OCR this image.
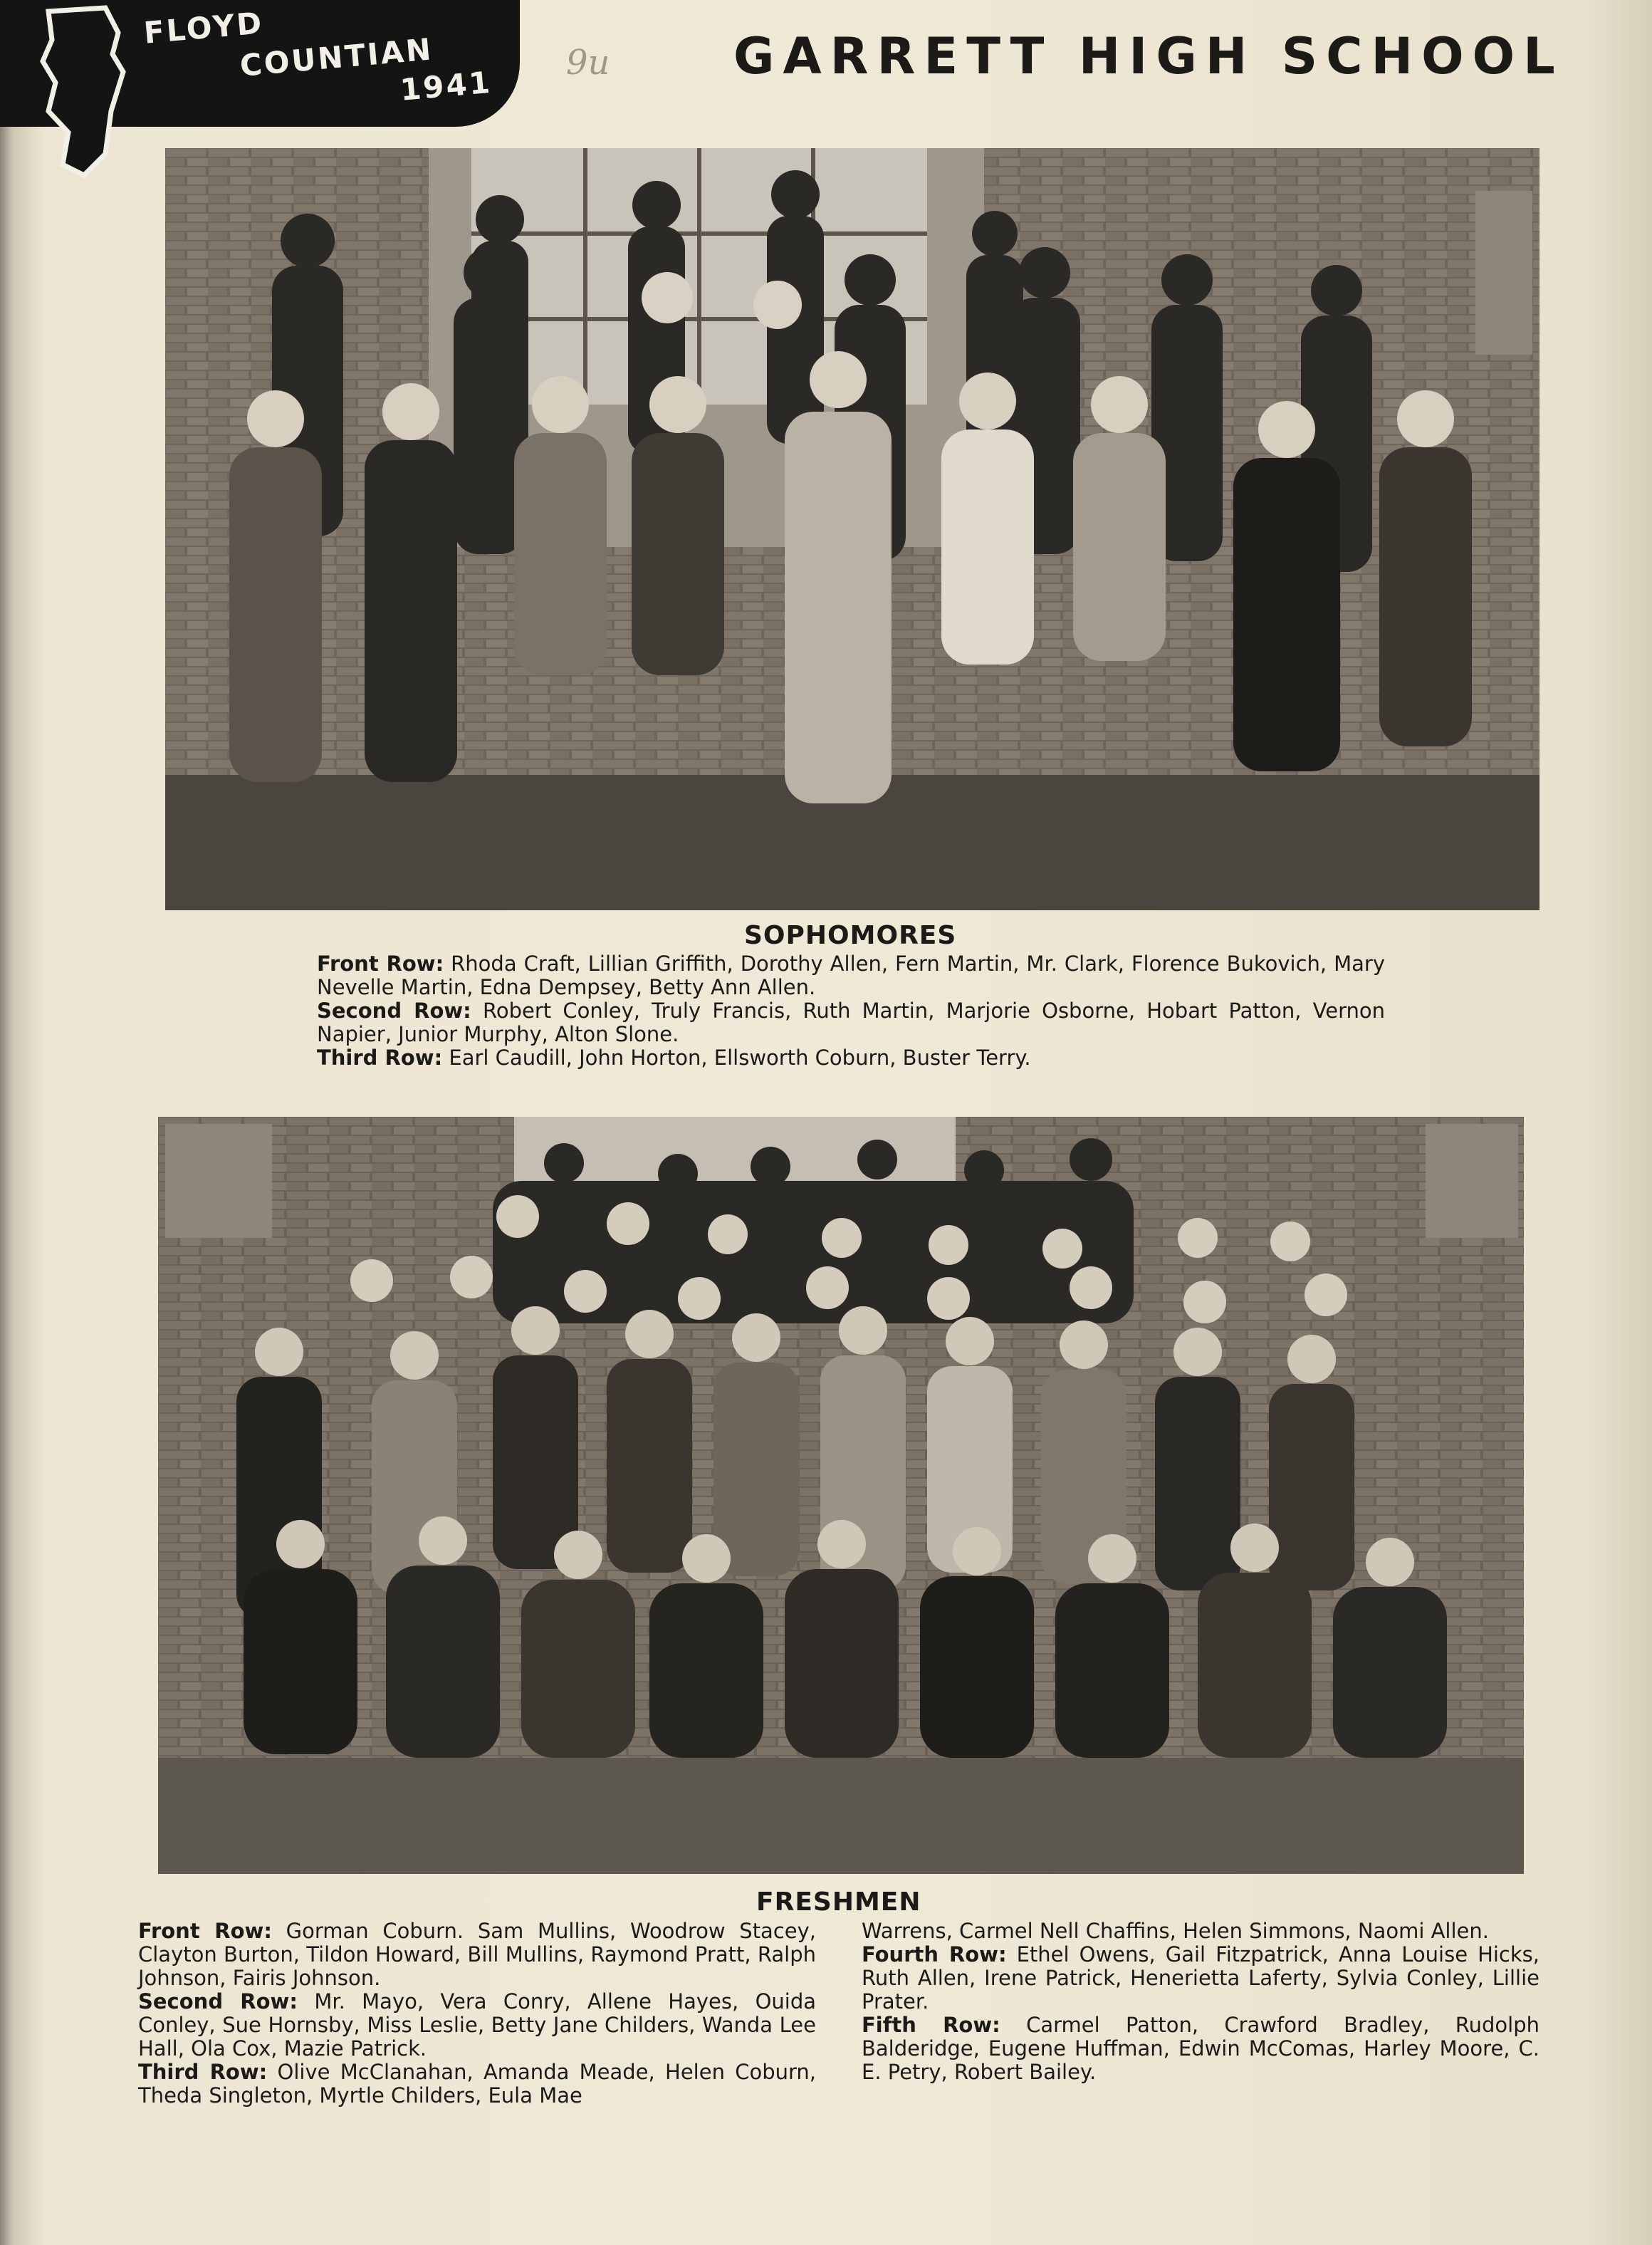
FLOYD
COUNTIAN
1941
9u GARRETT HIGH SCHOOL
SOPHOMORES

Front Row: Rhoda Craft, Lillian Griffith, Dorothy Allen, Fern Martin, Mr. Clark, Florence Bukovich, Mary Nevelle Martin, Edna Dempsey, Betty Ann Allen.

Second Row: Robert Conley, Truly Francis, Ruth Martin, Marjorie Osborne, Hobart Patton, Vernon Napier, Junior Murphy, Alton Slone.

Third Row: Earl Caudill, John Horton, Ellsworth Coburn, Buster Terry.

FRESHMEN

Front Row: Gorman Coburn. Sam Mullins, Woodrow Stacey, Clayton Burton, Tildon Howard, Bill Mullins, Raymond Pratt, Ralph Johnson, Fairis Johnson.

Second Row: Mr. Mayo, Vera Conry, Allene Hayes, Ouida Conley, Sue Hornsby, Miss Leslie, Betty Jane Childers, Wanda Lee Hall, Ola Cox, Mazie Patrick.

Third Row: Olive McClanahan, Amanda Meade, Helen Coburn, Theda Singleton, Myrtle Childers, Eula Mae

Warrens, Carmel Nell Chaffins, Helen Simmons, Naomi Allen.

Fourth Row: Ethel Owens, Gail Fitzpatrick, Anna Louise Hicks, Ruth Allen, Irene Patrick, Henerietta Laferty, Sylvia Conley, Lillie Prater.

Fifth Row: Carmel Patton, Crawford Bradley, Rudolph Balderidge, Eugene Huffman, Edwin McComas, Harley Moore, C. E. Petry, Robert Bailey.
